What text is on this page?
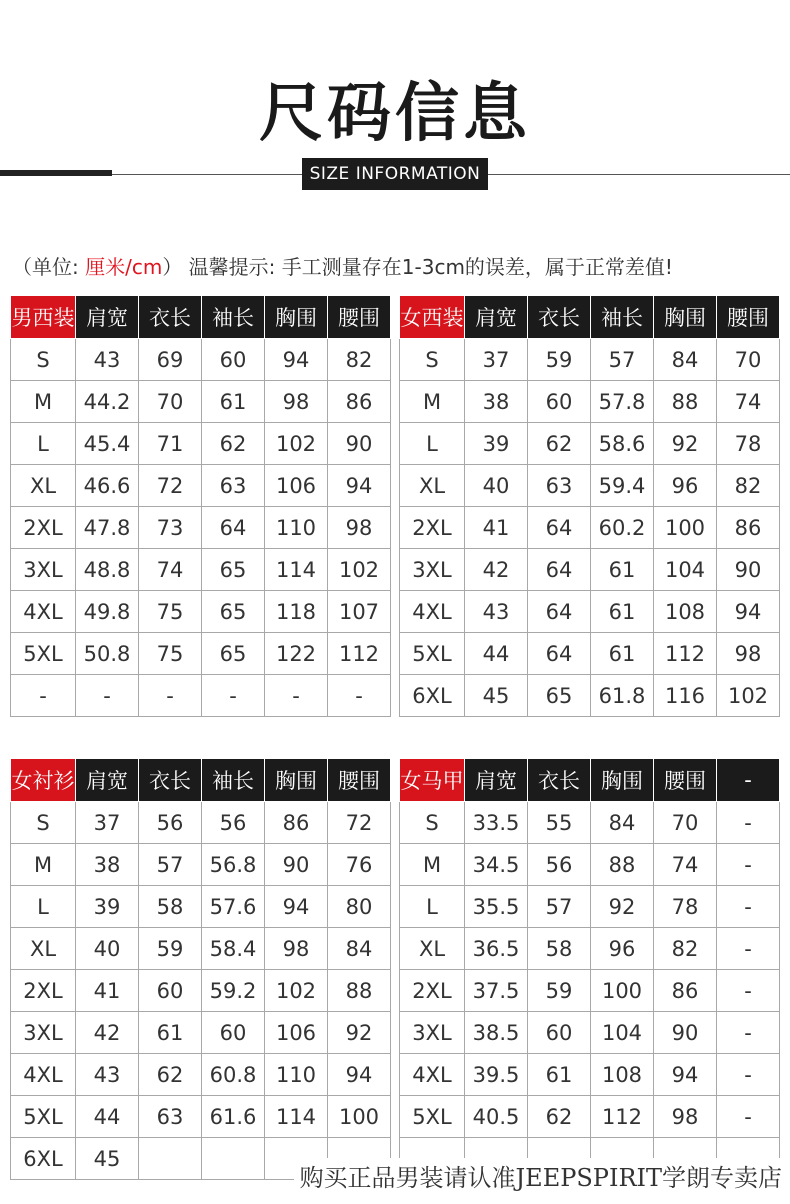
尺码信息
SIZE INFORMATION
（单位: 厘米/cm） 温馨提示: 手工测量存在1-3cm的误差，属于正常差值!
男西装	肩宽	衣长	袖长	胸围	腰围
S	43	69	60	94	82
M	44.2	70	61	98	86
L	45.4	71	62	102	90
XL	46.6	72	63	106	94
2XL	47.8	73	64	110	98
3XL	48.8	74	65	114	102
4XL	49.8	75	65	118	107
5XL	50.8	75	65	122	112
-	-	-	-	-	-
女西装	肩宽	衣长	袖长	胸围	腰围
S	37	59	57	84	70
M	38	60	57.8	88	74
L	39	62	58.6	92	78
XL	40	63	59.4	96	82
2XL	41	64	60.2	100	86
3XL	42	64	61	104	90
4XL	43	64	61	108	94
5XL	44	64	61	112	98
6XL	45	65	61.8	116	102
女衬衫	肩宽	衣长	袖长	胸围	腰围
S	37	56	56	86	72
M	38	57	56.8	90	76
L	39	58	57.6	94	80
XL	40	59	58.4	98	84
2XL	41	60	59.2	102	88
3XL	42	61	60	106	92
4XL	43	62	60.8	110	94
5XL	44	63	61.6	114	100
6XL	45				
女马甲	肩宽	衣长	胸围	腰围	-
S	33.5	55	84	70	-
M	34.5	56	88	74	-
L	35.5	57	92	78	-
XL	36.5	58	96	82	-
2XL	37.5	59	100	86	-
3XL	38.5	60	104	90	-
4XL	39.5	61	108	94	-
5XL	40.5	62	112	98	-

购买正品男装请认准JEEPSPIRIT学朗专卖店
